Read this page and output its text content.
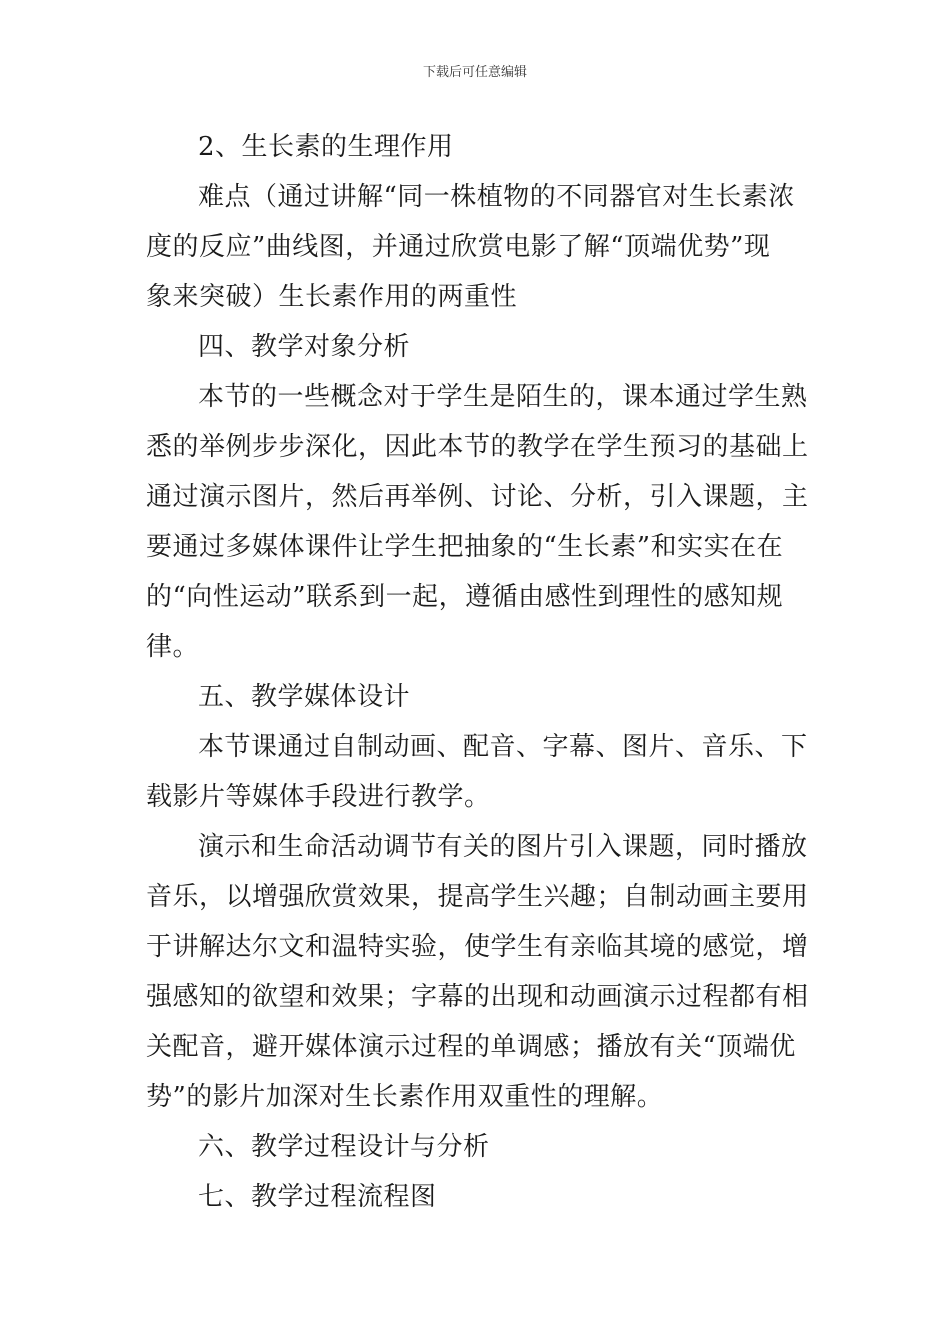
下载后可任意编辑
2、生长素的生理作用
难点（通过讲解“同一株植物的不同器官对生长素浓
度的反应”曲线图，并通过欣赏电影了解“顶端优势”现
象来突破）生长素作用的两重性
四、教学对象分析
本节的一些概念对于学生是陌生的，课本通过学生熟
悉的举例步步深化，因此本节的教学在学生预习的基础上
通过演示图片，然后再举例、讨论、分析，引入课题，主
要通过多媒体课件让学生把抽象的“生长素”和实实在在
的“向性运动”联系到一起，遵循由感性到理性的感知规
律。
五、教学媒体设计
本节课通过自制动画、配音、字幕、图片、音乐、下
载影片等媒体手段进行教学。
演示和生命活动调节有关的图片引入课题，同时播放
音乐，以增强欣赏效果，提高学生兴趣；自制动画主要用
于讲解达尔文和温特实验，使学生有亲临其境的感觉，增
强感知的欲望和效果；字幕的出现和动画演示过程都有相
关配音，避开媒体演示过程的单调感；播放有关“顶端优
势”的影片加深对生长素作用双重性的理解。
六、教学过程设计与分析
七、教学过程流程图
